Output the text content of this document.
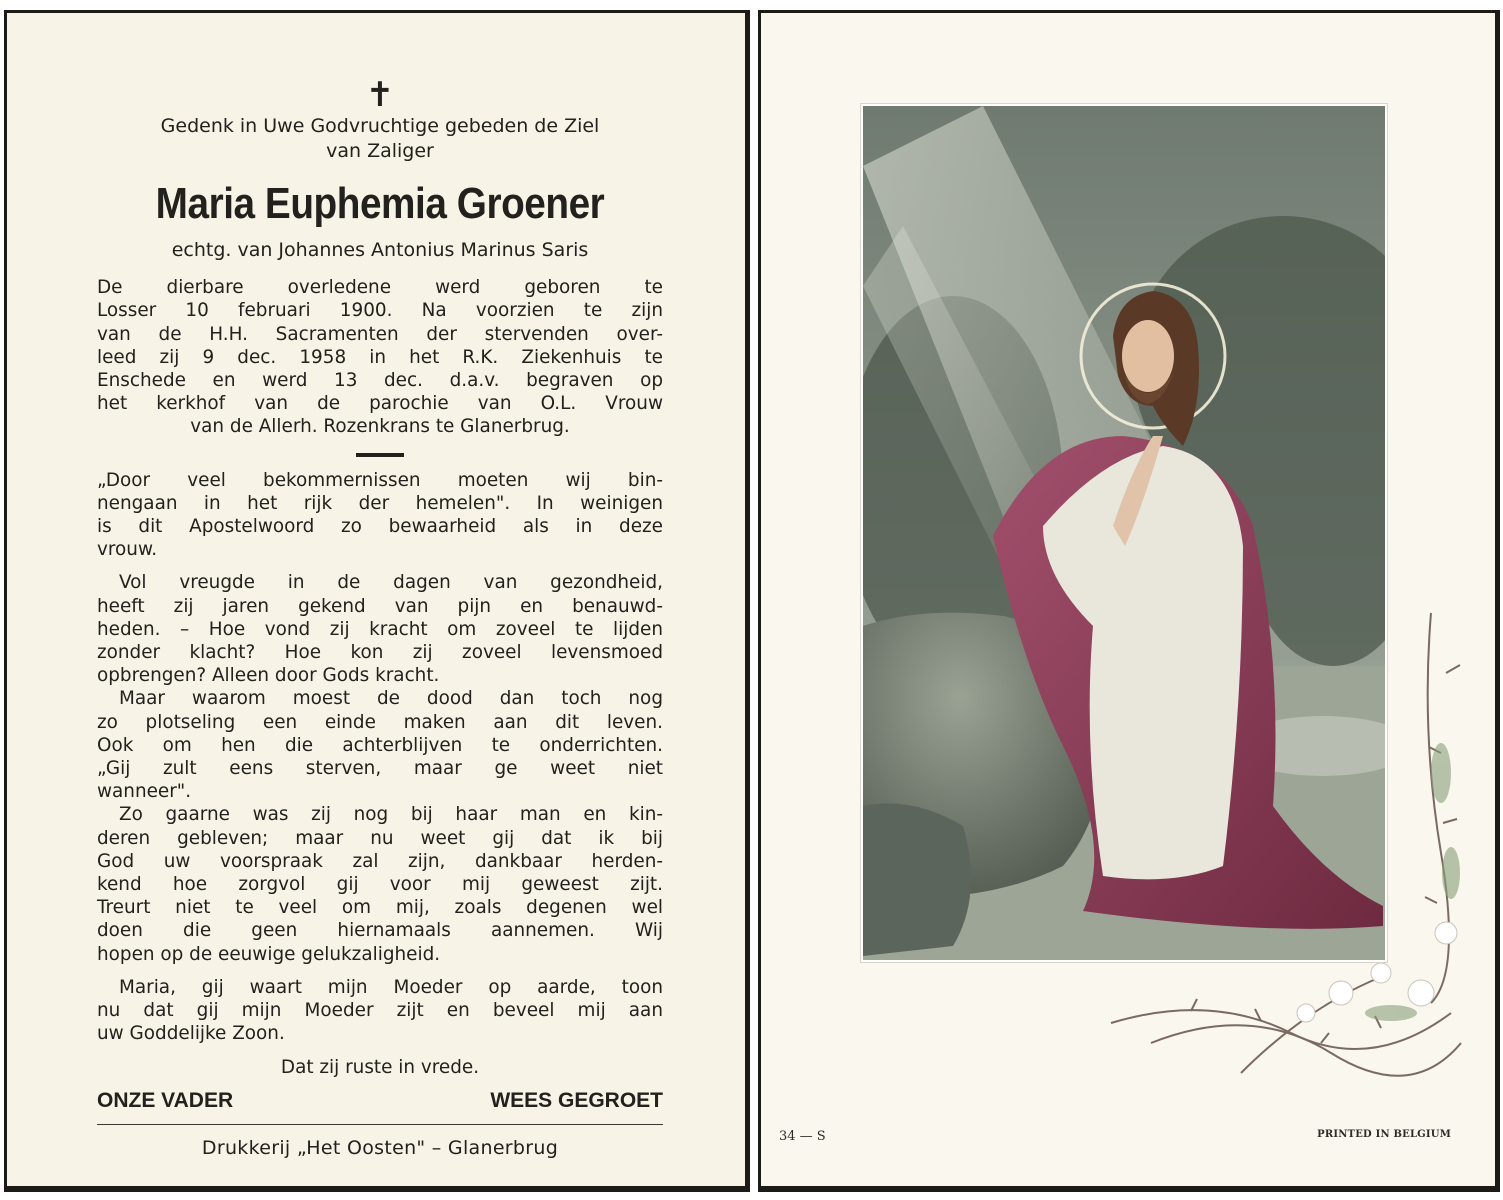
✝
Gedenk in Uwe Godvruchtige gebeden de Ziel
van Zaliger
Maria Euphemia Groener
echtg. van Johannes Antonius Marinus Saris
De dierbare overledene werd geboren te
Losser 10 februari 1900. Na voorzien te zijn
van de H.H. Sacramenten der stervenden over-
leed zij 9 dec. 1958 in het R.K. Ziekenhuis te
Enschede en werd 13 dec. d.a.v. begraven op
het kerkhof van de parochie van O.L. Vrouw
van de Allerh. Rozenkrans te Glanerbrug.
„Door veel bekommernissen moeten wij bin-
nengaan in het rijk der hemelen". In weinigen
is dit Apostelwoord zo bewaarheid als in deze
vrouw.
Vol vreugde in de dagen van gezondheid,
heeft zij jaren gekend van pijn en benauwd-
heden. – Hoe vond zij kracht om zoveel te lijden
zonder klacht? Hoe kon zij zoveel levensmoed
opbrengen? Alleen door Gods kracht.
Maar waarom moest de dood dan toch nog
zo plotseling een einde maken aan dit leven.
Ook om hen die achterblijven te onderrichten.
„Gij zult eens sterven, maar ge weet niet
wanneer".
Zo gaarne was zij nog bij haar man en kin-
deren gebleven; maar nu weet gij dat ik bij
God uw voorspraak zal zijn, dankbaar herden-
kend hoe zorgvol gij voor mij geweest zijt.
Treurt niet te veel om mij, zoals degenen wel
doen die geen hiernamaals aannemen. Wij
hopen op de eeuwige gelukzaligheid.
Maria, gij waart mijn Moeder op aarde, toon
nu dat gij mijn Moeder zijt en beveel mij aan
uw Goddelijke Zoon.
Dat zij ruste in vrede.
ONZE VADER	WEES GEGROET
Drukkerij „Het Oosten" – Glanerbrug
34 — S	PRINTED IN BELGIUM
